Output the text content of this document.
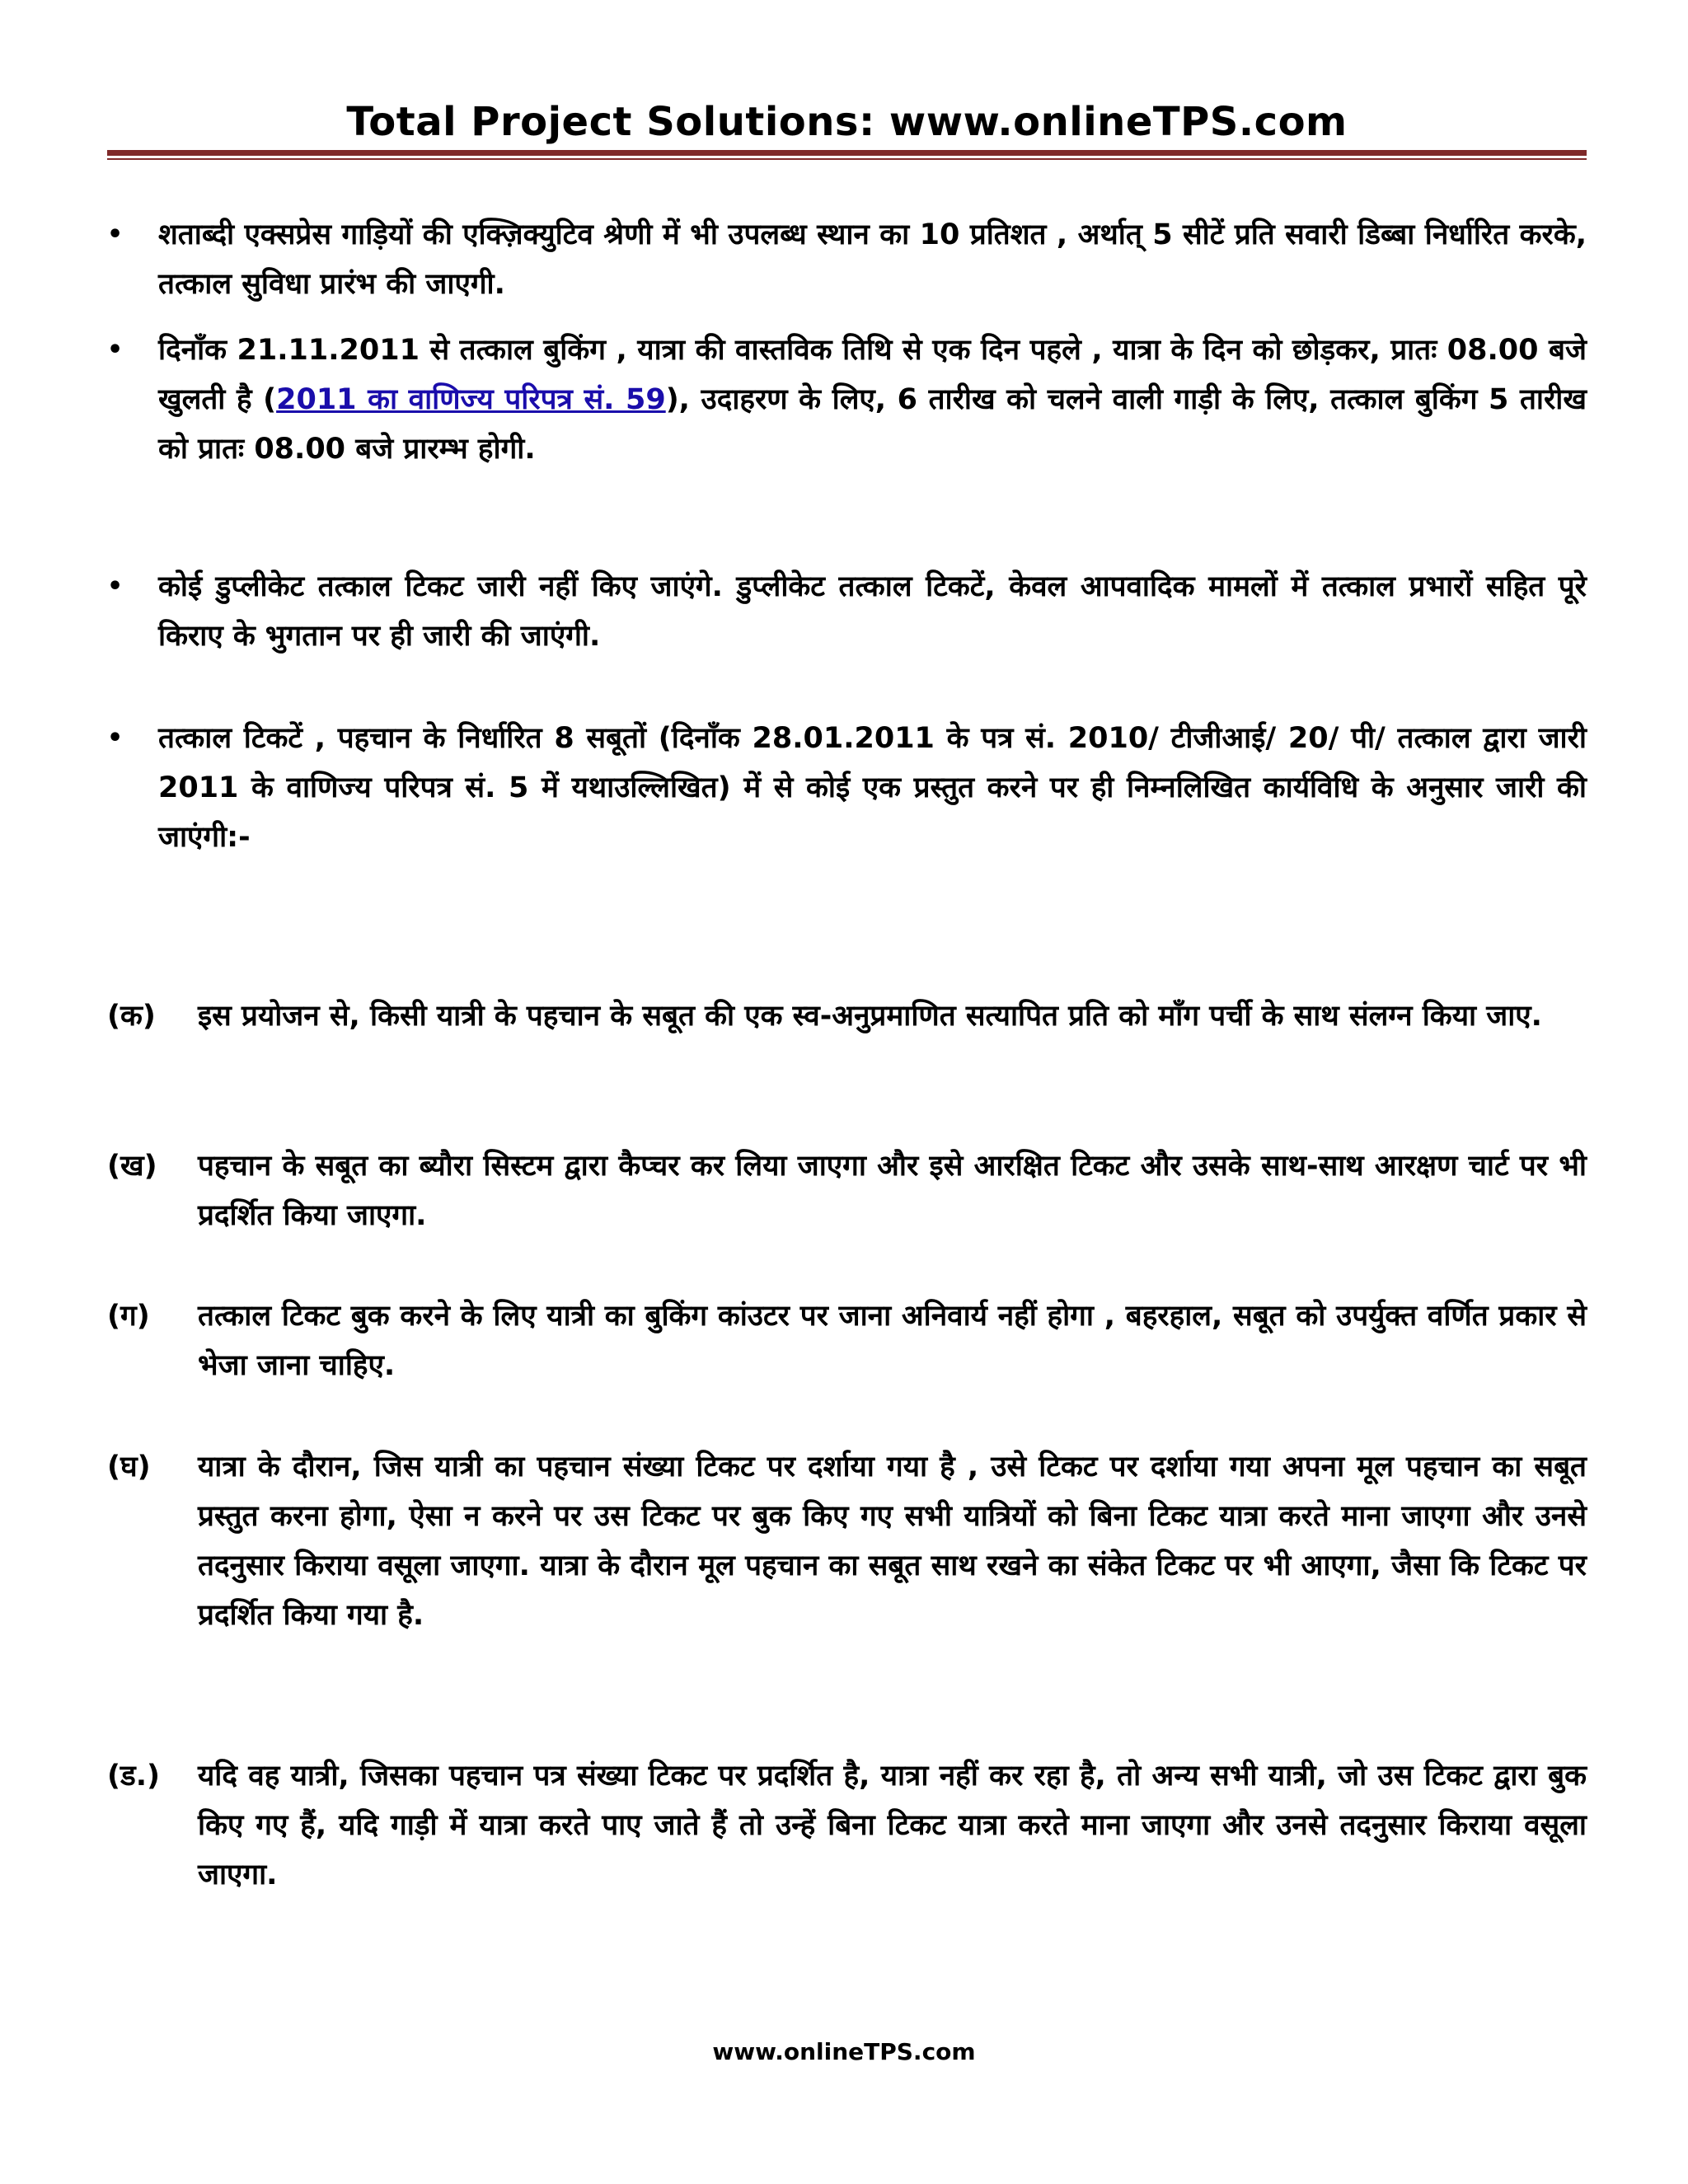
Total Project Solutions: www.onlineTPS.com
•	शताब्दी एक्सप्रेस गाड़ियों की एक्ज़िक्युटिव श्रेणी में भी उपलब्ध स्थान का 10 प्रतिशत , अर्थात् 5 सीटें प्रति सवारी डिब्बा निर्धारित करके, तत्काल सुविधा प्रारंभ की जाएगी.
•	दिनाँक 21.11.2011 से तत्काल बुकिंग , यात्रा की वास्तविक तिथि से एक दिन पहले , यात्रा के दिन को छोड़कर, प्रातः 08.00 बजे खुलती है (2011 का वाणिज्य परिपत्र सं. 59), उदाहरण के लिए, 6 तारीख को चलने वाली गाड़ी के लिए, तत्काल बुकिंग 5 तारीख को प्रातः 08.00 बजे प्रारम्भ होगी.
•	कोई डुप्लीकेट तत्काल टिकट जारी नहीं किए जाएंगे. डुप्लीकेट तत्काल टिकटें, केवल आपवादिक मामलों में तत्काल प्रभारों सहित पूरे किराए के भुगतान पर ही जारी की जाएंगी.
•	तत्काल टिकटें , पहचान के निर्धारित 8 सबूतों (दिनाँक 28.01.2011 के पत्र सं. 2010/ टीजीआई/ 20/ पी/ तत्काल द्वारा जारी 2011 के वाणिज्य परिपत्र सं. 5 में यथाउल्लिखित) में से कोई एक प्रस्तुत करने पर ही निम्नलिखित कार्यविधि के अनुसार जारी की जाएंगी:-
(क)	इस प्रयोजन से, किसी यात्री के पहचान के सबूत की एक स्व-अनुप्रमाणित सत्यापित प्रति को माँग पर्ची के साथ संलग्न किया जाए.
(ख)	पहचान के सबूत का ब्यौरा सिस्टम द्वारा कैप्चर कर लिया जाएगा और इसे आरक्षित टिकट और उसके साथ-साथ आरक्षण चार्ट पर भी प्रदर्शित किया जाएगा.
(ग)	तत्काल टिकट बुक करने के लिए यात्री का बुकिंग कांउटर पर जाना अनिवार्य नहीं होगा , बहरहाल, सबूत को उपर्युक्त वर्णित प्रकार से भेजा जाना चाहिए.
(घ)	यात्रा के दौरान, जिस यात्री का पहचान संख्या टिकट पर दर्शाया गया है , उसे टिकट पर दर्शाया गया अपना मूल पहचान का सबूत प्रस्तुत करना होगा, ऐसा न करने पर उस टिकट पर बुक किए गए सभी यात्रियों को बिना टिकट यात्रा करते माना जाएगा और उनसे तदनुसार किराया वसूला जाएगा. यात्रा के दौरान मूल पहचान का सबूत साथ रखने का संकेत टिकट पर भी आएगा, जैसा कि टिकट पर प्रदर्शित किया गया है.
(ड.)	यदि वह यात्री, जिसका पहचान पत्र संख्या टिकट पर प्रदर्शित है, यात्रा नहीं कर रहा है, तो अन्य सभी यात्री, जो उस टिकट द्वारा बुक किए गए हैं, यदि गाड़ी में यात्रा करते पाए जाते हैं तो उन्हें बिना टिकट यात्रा करते माना जाएगा और उनसे तदनुसार किराया वसूला जाएगा.
www.onlineTPS.com
